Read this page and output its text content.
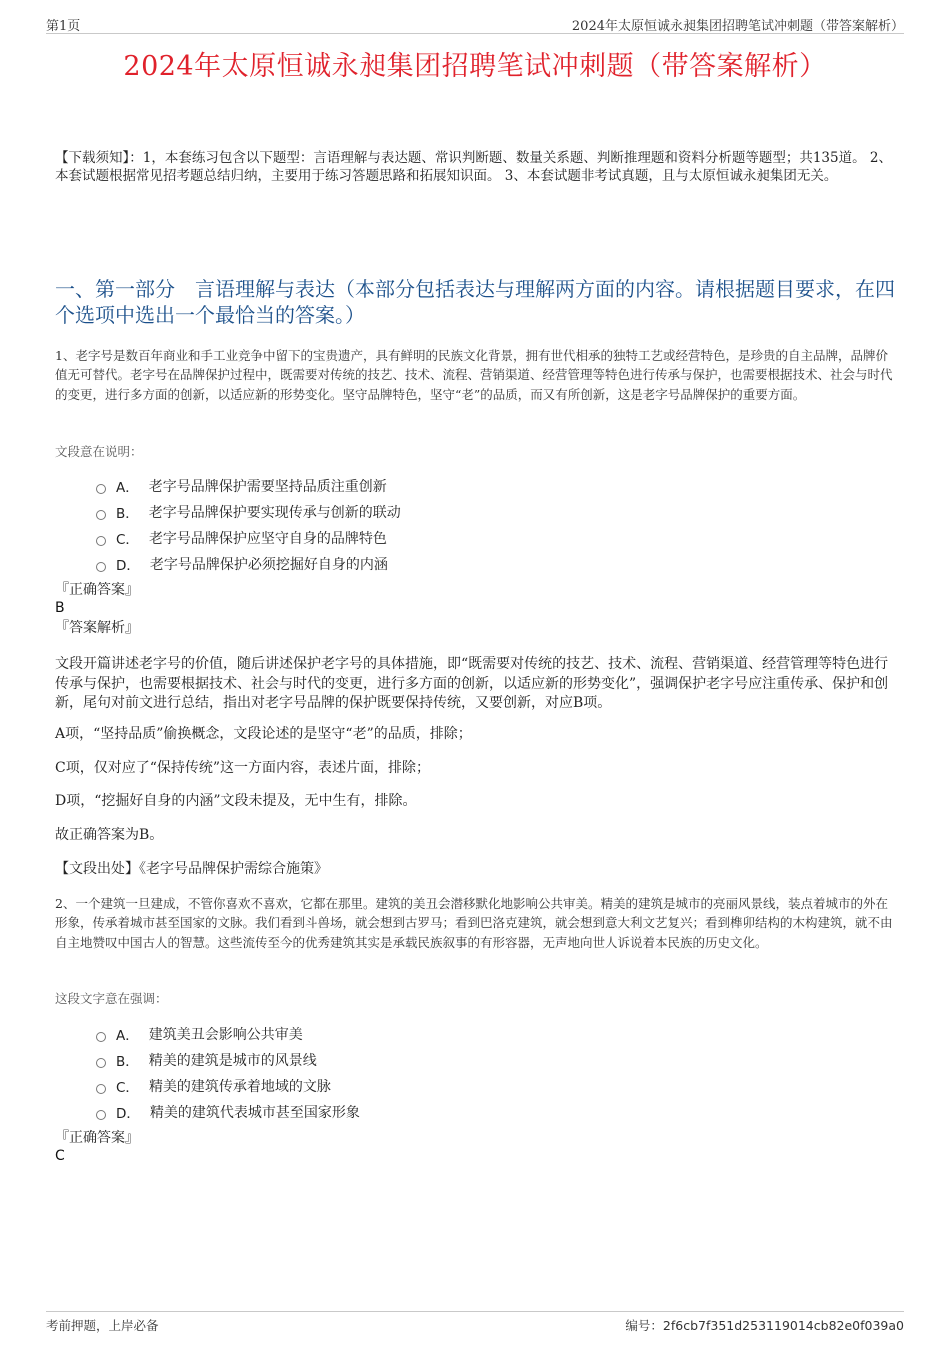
第1页	2024年太原恒诚永昶集团招聘笔试冲刺题（带答案解析）
2024年太原恒诚永昶集团招聘笔试冲刺题（带答案解析）
【下载须知】：1，本套练习包含以下题型：言语理解与表达题、常识判断题、数量关系题、判断推理题和资料分析题等题型；共135道。 2、本套试题根据常见招考题总结归纳，主要用于练习答题思路和拓展知识面。 3、本套试题非考试真题，且与太原恒诚永昶集团无关。
一、第一部分　言语理解与表达（本部分包括表达与理解两方面的内容。请根据题目要求，在四个选项中选出一个最恰当的答案。）

1、老字号是数百年商业和手工业竞争中留下的宝贵遗产，具有鲜明的民族文化背景，拥有世代相承的独特工艺或经营特色，是珍贵的自主品牌，品牌价值无可替代。老字号在品牌保护过程中，既需要对传统的技艺、技术、流程、营销渠道、经营管理等特色进行传承与保护，也需要根据技术、社会与时代的变更，进行多方面的创新，以适应新的形势变化。坚守品牌特色，坚守“老”的品质，而又有所创新，这是老字号品牌保护的重要方面。

文段意在说明：

A． 老字号品牌保护需要坚持品质注重创新
B． 老字号品牌保护要实现传承与创新的联动
C． 老字号品牌保护应坚守自身的品牌特色
D． 老字号品牌保护必须挖掘好自身的内涵

『正确答案』

B

『答案解析』

文段开篇讲述老字号的价值，随后讲述保护老字号的具体措施，即“既需要对传统的技艺、技术、流程、营销渠道、经营管理等特色进行传承与保护，也需要根据技术、社会与时代的变更，进行多方面的创新，以适应新的形势变化”，强调保护老字号应注重传承、保护和创新，尾句对前文进行总结，指出对老字号品牌的保护既要保持传统，又要创新，对应B项。

A项，“坚持品质”偷换概念，文段论述的是坚守“老”的品质，排除；

C项，仅对应了“保持传统”这一方面内容，表述片面，排除；

D项，“挖掘好自身的内涵”文段未提及，无中生有，排除。

故正确答案为B。

【文段出处】《老字号品牌保护需综合施策》

2、一个建筑一旦建成，不管你喜欢不喜欢，它都在那里。建筑的美丑会潜移默化地影响公共审美。精美的建筑是城市的亮丽风景线，装点着城市的外在形象，传承着城市甚至国家的文脉。我们看到斗兽场，就会想到古罗马；看到巴洛克建筑，就会想到意大利文艺复兴；看到榫卯结构的木构建筑，就不由自主地赞叹中国古人的智慧。这些流传至今的优秀建筑其实是承载民族叙事的有形容器，无声地向世人诉说着本民族的历史文化。

这段文字意在强调：

A． 建筑美丑会影响公共审美
B． 精美的建筑是城市的风景线
C． 精美的建筑传承着地域的文脉
D． 精美的建筑代表城市甚至国家形象

『正确答案』

C

考前押题，上岸必备	编号：2f6cb7f351d253119014cb82e0f039a0
